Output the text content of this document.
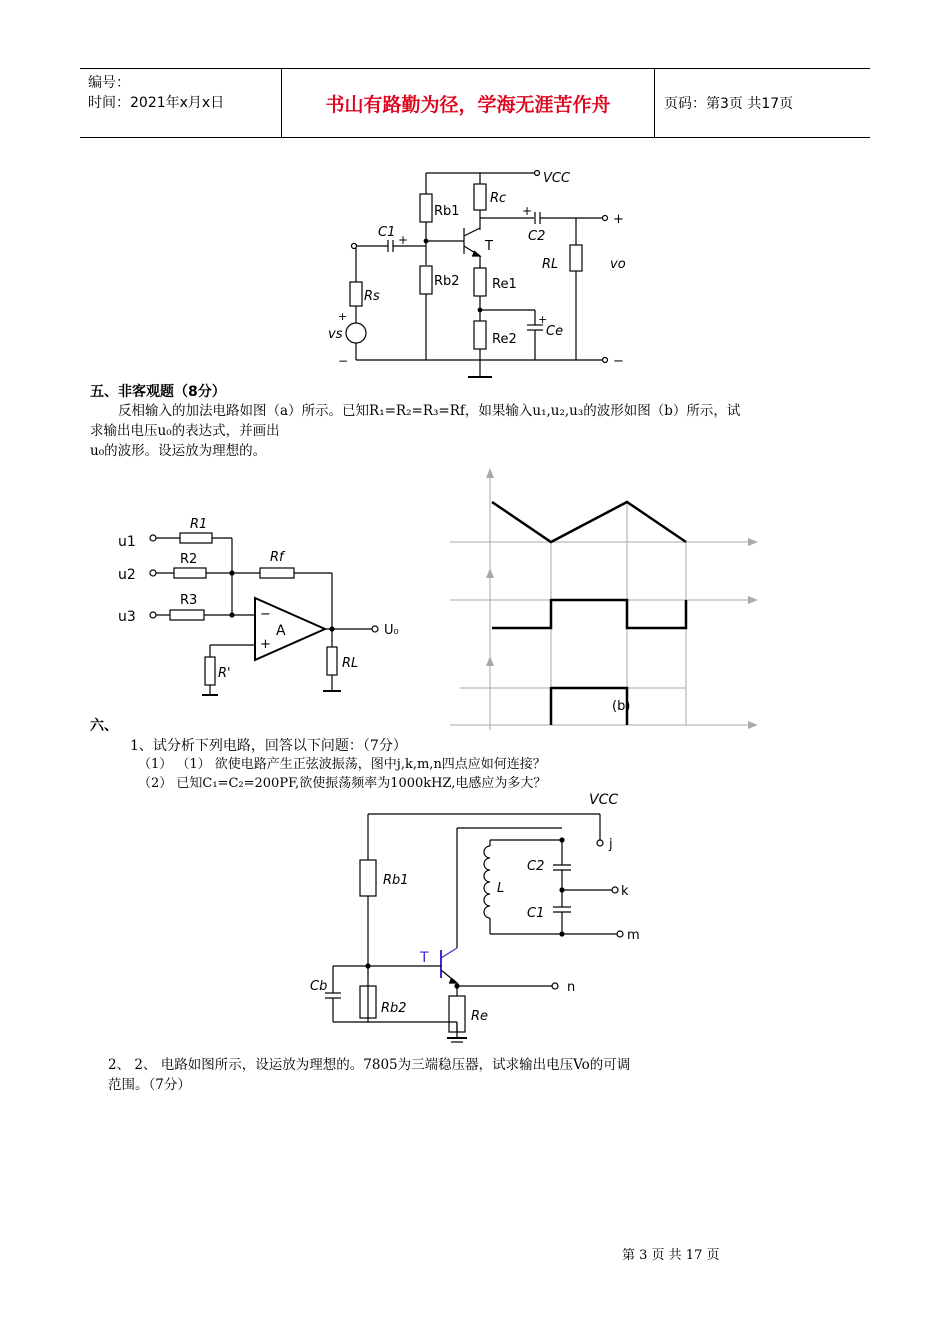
编号：
时间：2021年x月x日	书山有路勤为径，学海无涯苦作舟	页码：第3页 共17页
VCC
Rb1
Rc
+
+
C2
RL	vo
T
Re1
+
Ce
Re2
Rb2
C1 +
Rs
+
vs
−	−
五、非客观题（8分）
反相输入的加法电路如图（a）所示。已知R₁=R₂=R₃=Rf，如果输入u₁,u₂,u₃的波形如图（b）所示，试
求输出电压u₀的表达式，并画出
u₀的波形。设运放为理想的。
u1
R1
u2
R2	Rf
u3
R3
−
+
A	U₀
RL
R'
(b)
六、
1、试分析下列电路，回答以下问题：（7分）
（1） （1） 欲使电路产生正弦波振荡，图中j,k,m,n四点应如何连接？
（2） 已知C₁=C₂=200PF,欲使振荡频率为1000kHZ,电感应为多大？
VCC
j
Rb1
L	k
m
C2
C1
T
n
Re
Rb2
Cb
2、 2、 电路如图所示，设运放为理想的。7805为三端稳压器，试求输出电压Vo的可调
范围。（7分）
第 3 页 共 17 页
